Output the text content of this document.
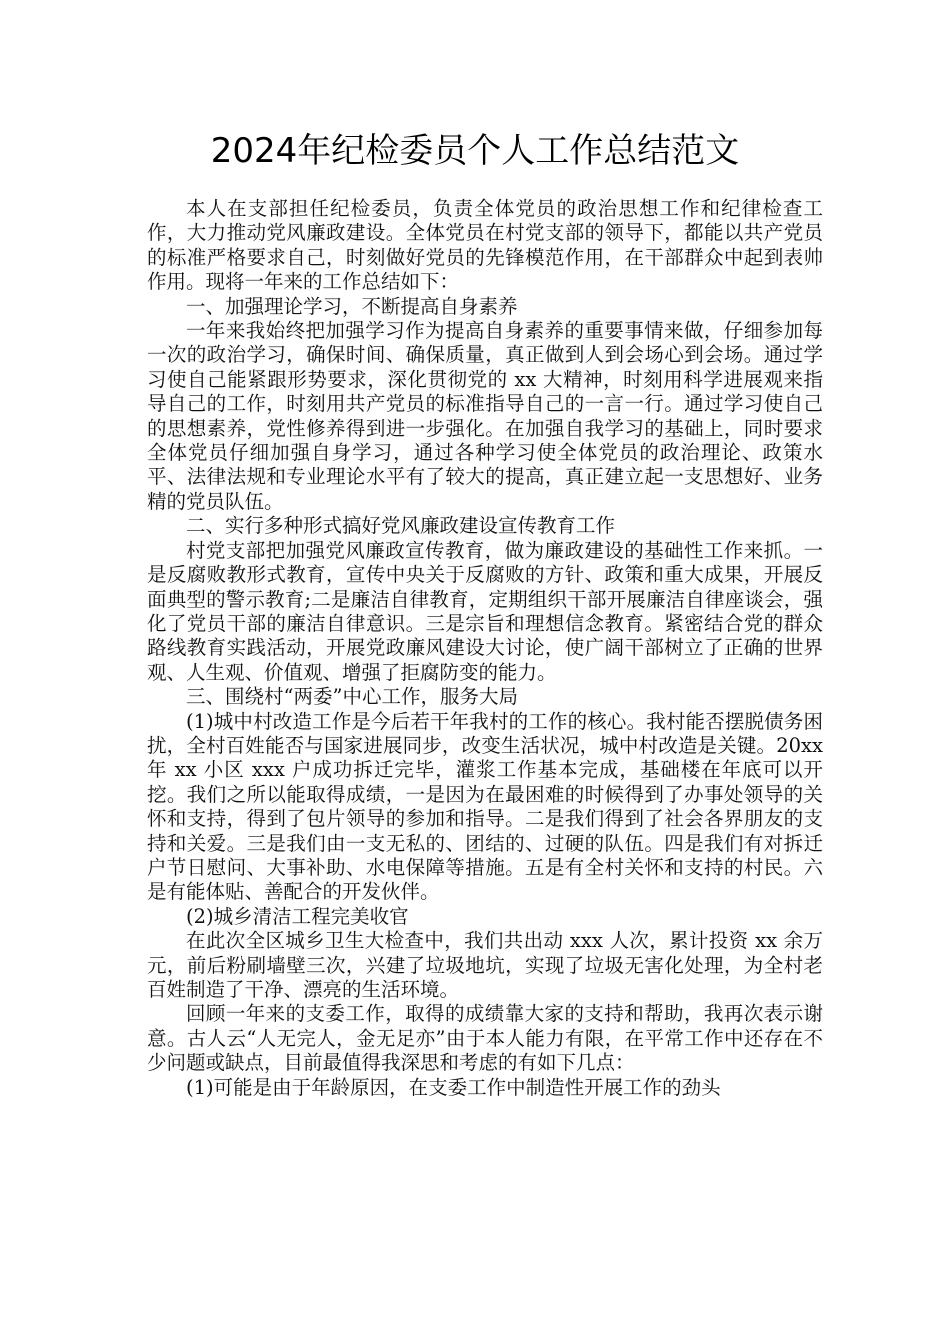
2024年纪检委员个人工作总结范文

本人在支部担任纪检委员，负责全体党员的政治思想工作和纪律检查工作，大力推动党风廉政建设。全体党员在村党支部的领导下，都能以共产党员的标准严格要求自己，时刻做好党员的先锋模范作用，在干部群众中起到表帅作用。现将一年来的工作总结如下：

一、加强理论学习，不断提高自身素养

一年来我始终把加强学习作为提高自身素养的重要事情来做，仔细参加每一次的政治学习，确保时间、确保质量，真正做到人到会场心到会场。通过学习使自己能紧跟形势要求，深化贯彻党的 xx 大精神，时刻用科学进展观来指导自己的工作，时刻用共产党员的标准指导自己的一言一行。通过学习使自己的思想素养，党性修养得到进一步强化。在加强自我学习的基础上，同时要求全体党员仔细加强自身学习，通过各种学习使全体党员的政治理论、政策水平、法律法规和专业理论水平有了较大的提高，真正建立起一支思想好、业务精的党员队伍。

二、实行多种形式搞好党风廉政建设宣传教育工作

村党支部把加强党风廉政宣传教育，做为廉政建设的基础性工作来抓。一是反腐败教形式教育，宣传中央关于反腐败的方针、政策和重大成果，开展反面典型的警示教育;二是廉洁自律教育，定期组织干部开展廉洁自律座谈会，强化了党员干部的廉洁自律意识。三是宗旨和理想信念教育。紧密结合党的群众路线教育实践活动，开展党政廉风建设大讨论，使广阔干部树立了正确的世界观、人生观、价值观、增强了拒腐防变的能力。

三、围绕村“两委”中心工作，服务大局

(1)城中村改造工作是今后若干年我村的工作的核心。我村能否摆脱债务困扰，全村百姓能否与国家进展同步，改变生活状况，城中村改造是关键。20xx 年 xx 小区 xxx 户成功拆迁完毕，灌浆工作基本完成，基础楼在年底可以开挖。我们之所以能取得成绩，一是因为在最困难的时候得到了办事处领导的关怀和支持，得到了包片领导的参加和指导。二是我们得到了社会各界朋友的支持和关爱。三是我们由一支无私的、团结的、过硬的队伍。四是我们有对拆迁户节日慰问、大事补助、水电保障等措施。五是有全村关怀和支持的村民。六是有能体贴、善配合的开发伙伴。

(2)城乡清洁工程完美收官

在此次全区城乡卫生大检查中，我们共出动 xxx 人次，累计投资 xx 余万元，前后粉刷墙壁三次，兴建了垃圾地坑，实现了垃圾无害化处理，为全村老百姓制造了干净、漂亮的生活环境。

回顾一年来的支委工作，取得的成绩靠大家的支持和帮助，我再次表示谢意。古人云“人无完人，金无足亦”由于本人能力有限，在平常工作中还存在不少问题或缺点，目前最值得我深思和考虑的有如下几点：

(1)可能是由于年龄原因，在支委工作中制造性开展工作的劲头
